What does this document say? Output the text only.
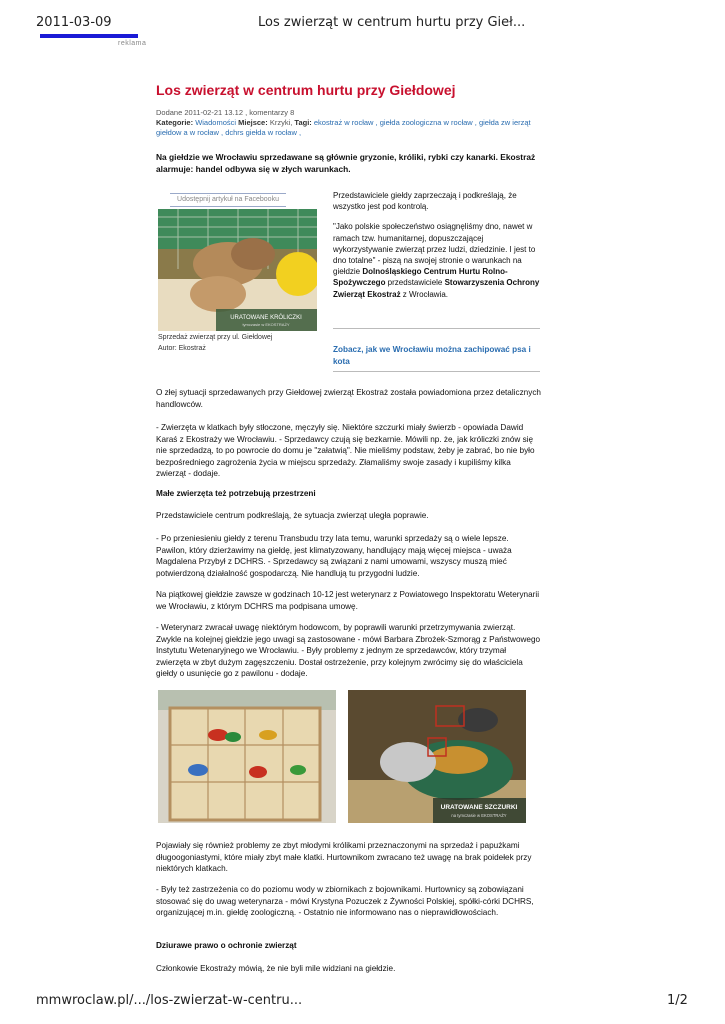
2011-03-09	Los zwierząt w centrum hurtu przy Gieł...
reklama
Los zwierząt w centrum hurtu przy Giełdowej
Dodane 2011-02-21 13.12 , komentarzy 8
Kategorie: Wiadomości Miejsce: Krzyki, Tagi: ekostraż w rocław , giełda zoologiczna w rocław , giełda zw ierząt giełdow a w rocław , dchrs giełda w rocław ,
Na giełdzie we Wrocławiu sprzedawane są głównie gryzonie, króliki, rybki czy kanarki. Ekostraż alarmuje: handel odbywa się w złych warunkach.
Udostępnij artykuł na Facebooku
URATOWANE KRÓLICZKI
tymczasie w EKOSTRAŻY
Sprzedaż zwierząt przy ul. Giełdowej
Autor: Ekostraż

Przedstawiciele giełdy zaprzeczają i podkreślają, że wszystko jest pod kontrolą.

"Jako polskie społeczeństwo osiągnęliśmy dno, nawet w ramach tzw. humanitarnej, dopuszczającej wykorzystywanie zwierząt przez ludzi, dziedzinie. I jest to dno totalne" - piszą na swojej stronie o warunkach na giełdzie Dolnośląskiego Centrum Hurtu Rolno-Spożywczego przedstawiciele Stowarzyszenia Ochrony Zwierząt Ekostraż z Wrocławia.

Zobacz, jak we Wrocławiu można zachipować psa i kota

O złej sytuacji sprzedawanych przy Giełdowej zwierząt Ekostraż została powiadomiona przez detalicznych handlowców.

- Zwierzęta w klatkach były stłoczone, męczyły się. Niektóre szczurki miały świerzb - opowiada Dawid Karaś z Ekostraży we Wrocławiu. - Sprzedawcy czują się bezkarnie. Mówili np. że, jak króliczki znów się nie sprzedadzą, to po powrocie do domu je "załatwią". Nie mieliśmy podstaw, żeby je zabrać, bo nie było bezpośredniego zagrożenia życia w miejscu sprzedaży. Złamaliśmy swoje zasady i kupiliśmy kilka zwierząt - dodaje.

Małe zwierzęta też potrzebują przestrzeni

Przedstawiciele centrum podkreślają, że sytuacja zwierząt uległa poprawie.

- Po przeniesieniu giełdy z terenu Transbudu trzy lata temu, warunki sprzedaży są o wiele lepsze. Pawilon, który dzierżawimy na giełdę, jest klimatyzowany, handlujący mają więcej miejsca - uważa Magdalena Przybył z DCHRS. - Sprzedawcy są związani z nami umowami, wszyscy muszą mieć potwierdzoną działalność gospodarczą. Nie handlują tu przygodni ludzie.

Na piątkowej giełdzie zawsze w godzinach 10-12 jest weterynarz z Powiatowego Inspektoratu Weterynarii we Wrocławiu, z którym DCHRS ma podpisana umowę.

- Weterynarz zwracał uwagę niektórym hodowcom, by poprawili warunki przetrzymywania zwierząt. Zwykle na kolejnej giełdzie jego uwagi są zastosowane - mówi Barbara Zbrożek-Szmorąg z Państwowego Instytutu Wetenaryjnego we Wrocławiu. - Były problemy z jednym ze sprzedawców, który trzymał zwierzęta w zbyt dużym zagęszczeniu. Dostał ostrzeżenie, przy kolejnym zwrócimy się do właściciela giełdy o usunięcie go z pawilonu - dodaje.

URATOWANE SZCZURKI
na tymczasie w EKOSTRAŻY

Pojawiały się również problemy ze zbyt młodymi królikami przeznaczonymi na sprzedaż i papużkami długoogoniastymi, które miały zbyt małe klatki. Hurtownikom zwracano też uwagę na brak poidełek przy niektórych klatkach.

- Były też zastrzeżenia co do poziomu wody w zbiornikach z bojownikami. Hurtownicy są zobowiązani stosować się do uwag weterynarza - mówi Krystyna Pozuczek z Żywności Polskiej, spółki-córki DCHRS, organizującej m.in. giełdę zoologiczną. - Ostatnio nie informowano nas o nieprawidłowościach.

Dziurawe prawo o ochronie zwierząt

Członkowie Ekostraży mówią, że nie byli mile widziani na giełdzie.

mmwroclaw.pl/.../los-zwierzat-w-centru...	1/2
